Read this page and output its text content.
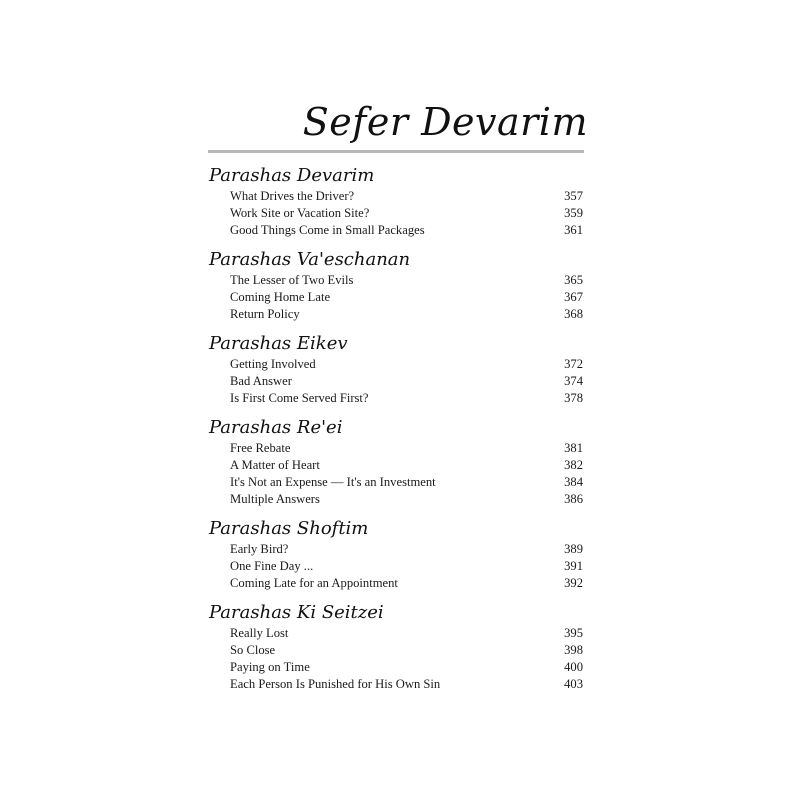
Sefer Devarim
Parashas Devarim
What Drives the Driver?	357
Work Site or Vacation Site?	359
Good Things Come in Small Packages	361
Parashas Va'eschanan
The Lesser of Two Evils	365
Coming Home Late	367
Return Policy	368
Parashas Eikev
Getting Involved	372
Bad Answer	374
Is First Come Served First?	378
Parashas Re'ei
Free Rebate	381
A Matter of Heart	382
It's Not an Expense — It's an Investment	384
Multiple Answers	386
Parashas Shoftim
Early Bird?	389
One Fine Day ...	391
Coming Late for an Appointment	392
Parashas Ki Seitzei
Really Lost	395
So Close	398
Paying on Time	400
Each Person Is Punished for His Own Sin	403
